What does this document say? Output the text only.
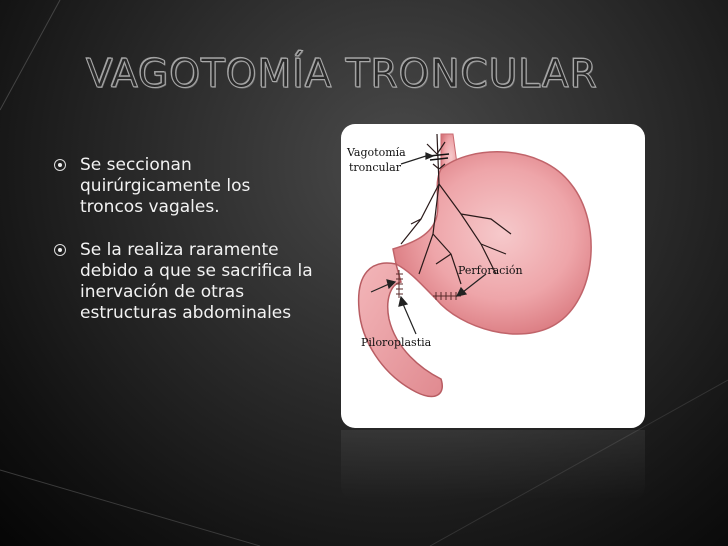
VAGOTOMÍA TRONCULAR
Se seccionan quirúrgicamente los troncos vagales.
Se la realiza raramente debido a que se sacrifica la inervación de otras estructuras abdominales
Vagotomía
troncular
Perforación
Piloroplastia
